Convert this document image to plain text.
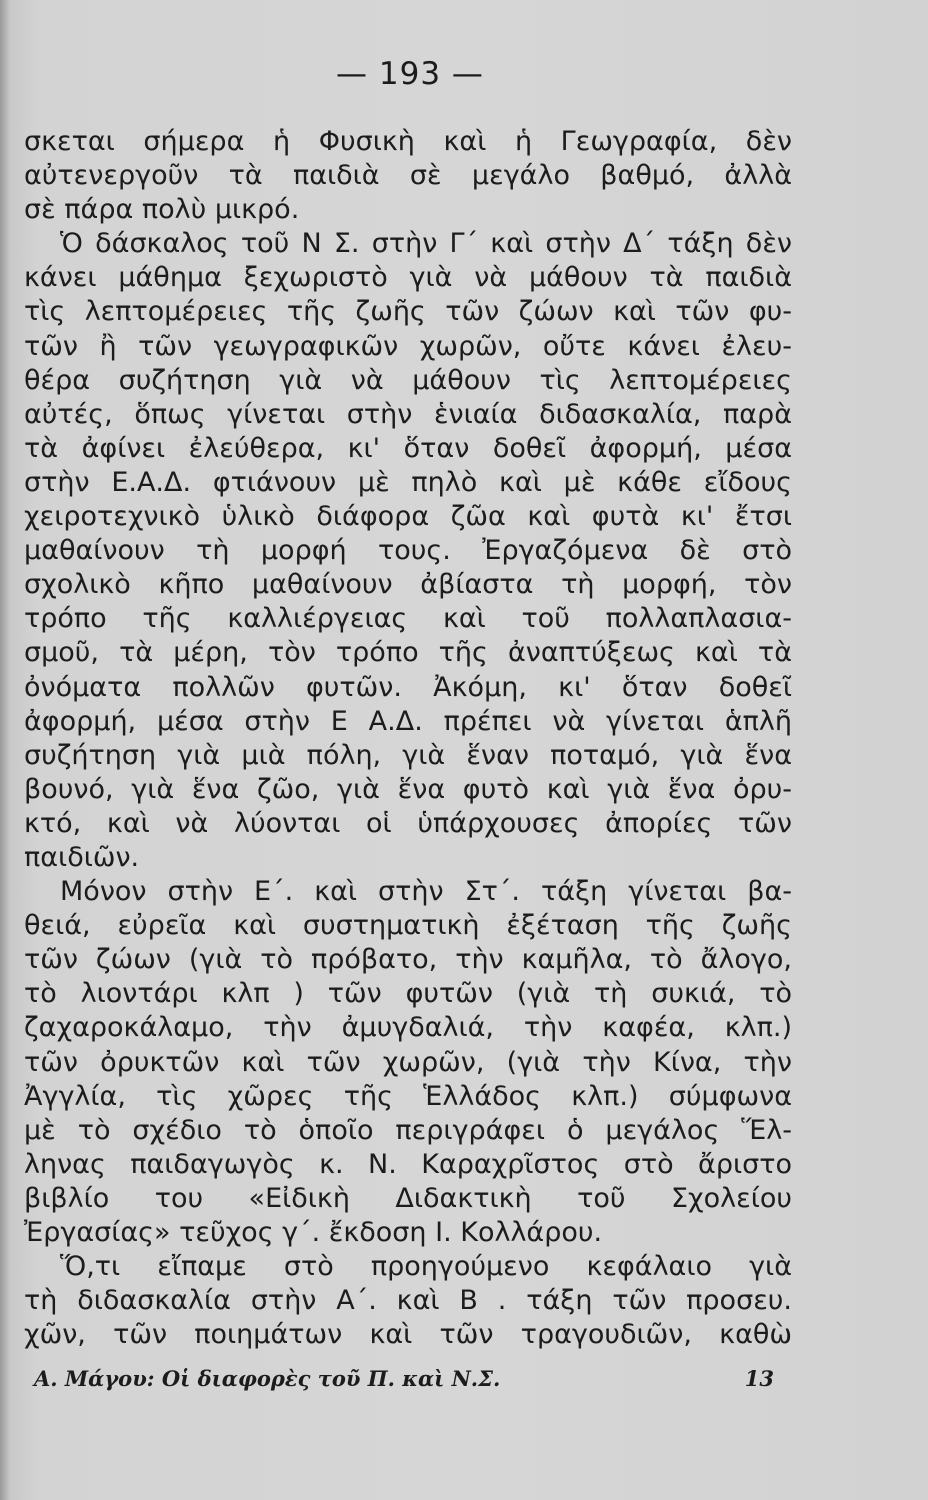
— 193 —
σκεται σήμερα ἡ Φυσικὴ καὶ ἡ Γεωγραφία, δὲν
αὐτενεργοῦν τὰ παιδιὰ σὲ μεγάλο βαθμό, ἀλλὰ
σὲ πάρα πολὺ μικρό.
Ὁ δάσκαλος τοῦ Ν Σ. στὴν Γ΄ καὶ στὴν Δ΄ τάξη δὲν
κάνει μάθημα ξεχωριστὸ γιὰ νὰ μάθουν τὰ παιδιὰ
τὶς λεπτομέρειες τῆς ζωῆς τῶν ζώων καὶ τῶν φυ-
τῶν ἢ τῶν γεωγραφικῶν χωρῶν, οὔτε κάνει ἐλευ-
θέρα συζήτηση γιὰ νὰ μάθουν τὶς λεπτομέρειες
αὐτές, ὅπως γίνεται στὴν ἑνιαία διδασκαλία, παρὰ
τὰ ἀφίνει ἐλεύθερα, κι' ὅταν δοθεῖ ἀφορμή, μέσα
στὴν Ε.Α.Δ. φτιάνουν μὲ πηλὸ καὶ μὲ κάθε εἴδους
χειροτεχνικὸ ὑλικὸ διάφορα ζῶα καὶ φυτὰ κι' ἔτσι
μαθαίνουν τὴ μορφή τους. Ἐργαζόμενα δὲ στὸ
σχολικὸ κῆπο μαθαίνουν ἀβίαστα τὴ μορφή, τὸν
τρόπο τῆς καλλιέργειας καὶ τοῦ πολλαπλασια-
σμοῦ, τὰ μέρη, τὸν τρόπο τῆς ἀναπτύξεως καὶ τὰ
ὀνόματα πολλῶν φυτῶν. Ἀκόμη, κι' ὅταν δοθεῖ
ἀφορμή, μέσα στὴν Ε Α.Δ. πρέπει νὰ γίνεται ἁπλῆ
συζήτηση γιὰ μιὰ πόλη, γιὰ ἕναν ποταμό, γιὰ ἕνα
βουνό, γιὰ ἕνα ζῶο, γιὰ ἕνα φυτὸ καὶ γιὰ ἕνα ὀρυ-
κτό, καὶ νὰ λύονται οἱ ὑπάρχουσες ἀπορίες τῶν
παιδιῶν.
Μόνον στὴν Ε΄. καὶ στὴν Στ΄. τάξη γίνεται βα-
θειά, εὐρεῖα καὶ συστηματικὴ ἐξέταση τῆς ζωῆς
τῶν ζώων (γιὰ τὸ πρόβατο, τὴν καμῆλα, τὸ ἄλογο,
τὸ λιοντάρι κλπ ) τῶν φυτῶν (γιὰ τὴ συκιά, τὸ
ζαχαροκάλαμο, τὴν ἀμυγδαλιά, τὴν καφέα, κλπ.)
τῶν ὀρυκτῶν καὶ τῶν χωρῶν, (γιὰ τὴν Κίνα, τὴν
Ἀγγλία, τὶς χῶρες τῆς Ἑλλάδος κλπ.) σύμφωνα
μὲ τὸ σχέδιο τὸ ὁποῖο περιγράφει ὁ μεγάλος Ἕλ-
ληνας παιδαγωγὸς κ. Ν. Καραχρῖστος στὸ ἄριστο
βιβλίο του «Εἰδικὴ Διδακτικὴ τοῦ Σχολείου
Ἐργασίας» τεῦχος γ΄. ἔκδοση Ι. Κολλάρου.
Ὅ,τι εἴπαμε στὸ προηγούμενο κεφάλαιο γιὰ
τὴ διδασκαλία στὴν Α΄. καὶ Β . τάξη τῶν προσευ.
χῶν, τῶν ποιημάτων καὶ τῶν τραγουδιῶν, καθὼ
Α. Μάγου: Οἱ διαφορὲς τοῦ Π. καὶ Ν.Σ.	13
